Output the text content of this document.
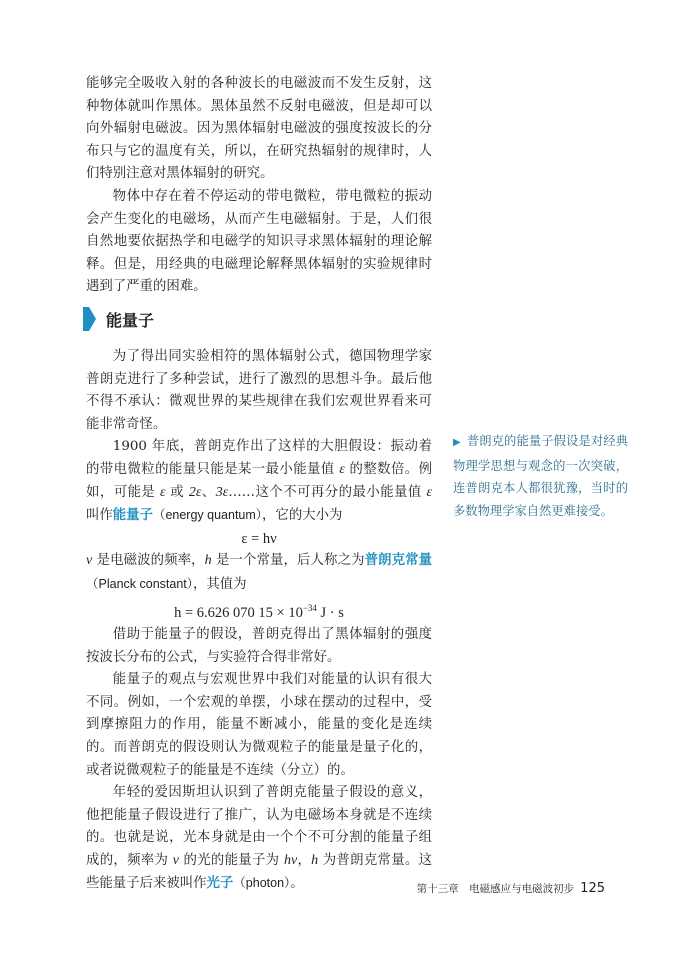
能够完全吸收入射的各种波长的电磁波而不发生反射，这种物体就叫作黑体。黑体虽然不反射电磁波，但是却可以向外辐射电磁波。因为黑体辐射电磁波的强度按波长的分布只与它的温度有关，所以，在研究热辐射的规律时，人们特别注意对黑体辐射的研究。

物体中存在着不停运动的带电微粒，带电微粒的振动会产生变化的电磁场，从而产生电磁辐射。于是，人们很自然地要依据热学和电磁学的知识寻求黑体辐射的理论解释。但是，用经典的电磁理论解释黑体辐射的实验规律时遇到了严重的困难。

能量子

为了得出同实验相符的黑体辐射公式，德国物理学家普朗克进行了多种尝试，进行了激烈的思想斗争。最后他不得不承认：微观世界的某些规律在我们宏观世界看来可能非常奇怪。

1900 年底，普朗克作出了这样的大胆假设：振动着的带电微粒的能量只能是某一最小能量值 ε 的整数倍。例如，可能是 ε 或 2ε、3ε……这个不可再分的最小能量值 ε 叫作能量子（energy quantum），它的大小为

ε = hν

ν 是电磁波的频率，h 是一个常量，后人称之为普朗克常量（Planck constant），其值为

h = 6.626 070 $15 \times 10^{-34}$ J · s

借助于能量子的假设，普朗克得出了黑体辐射的强度按波长分布的公式，与实验符合得非常好。

能量子的观点与宏观世界中我们对能量的认识有很大不同。例如，一个宏观的单摆，小球在摆动的过程中，受到摩擦阻力的作用，能量不断减小，能量的变化是连续的。而普朗克的假设则认为微观粒子的能量是量子化的，或者说微观粒子的能量是不连续（分立）的。

年轻的爱因斯坦认识到了普朗克能量子假设的意义，他把能量子假设进行了推广，认为电磁场本身就是不连续的。也就是说，光本身就是由一个个不可分割的能量子组成的，频率为 ν 的光的能量子为 hν，h 为普朗克常量。这些能量子后来被叫作光子（photon）。

▶ 普朗克的能量子假设是对经典物理学思想与观念的一次突破，连普朗克本人都很犹豫，当时的多数物理学家自然更难接受。
第十三章　电磁感应与电磁波初步 125
